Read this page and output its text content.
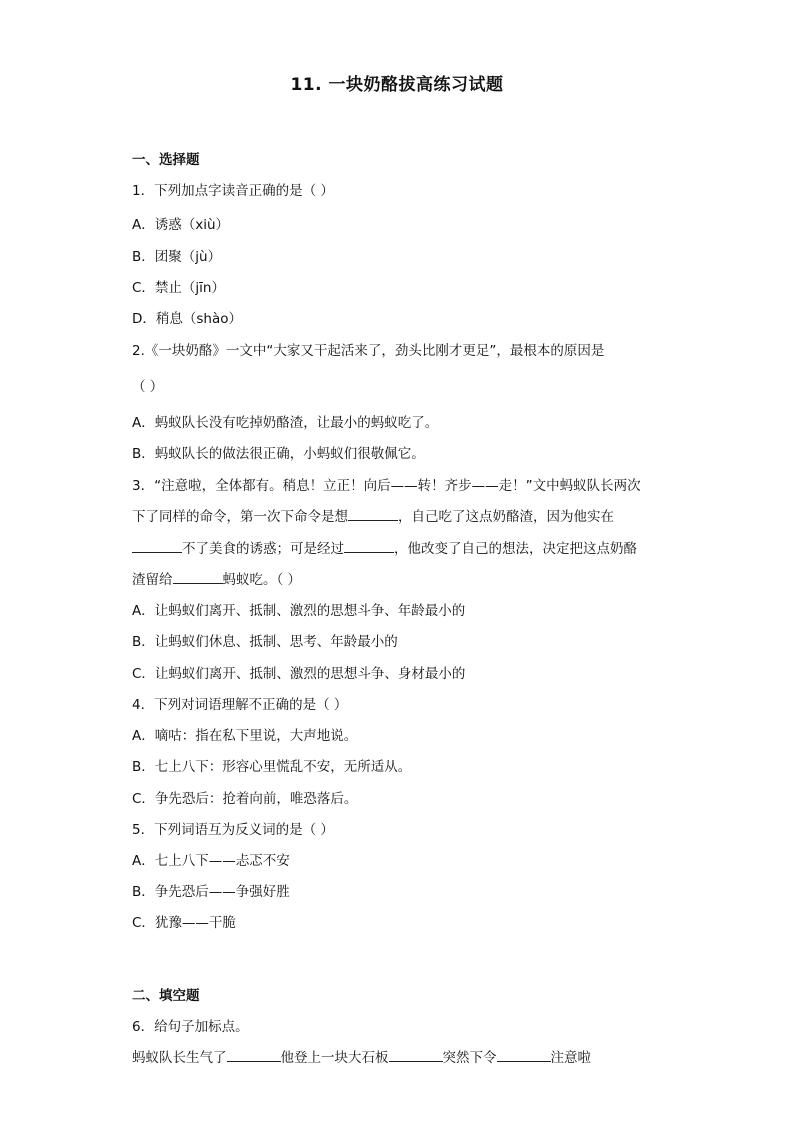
11. 一块奶酪拔高练习试题
一、选择题
1．下列加点字读音正确的是（ ）
A．诱惑（xiù）
B．团聚（jù）
C．禁止（jīn）
D．稍息（shào）
2.《一块奶酪》一文中“大家又干起活来了，劲头比刚才更足”，最根本的原因是
（ ）
A．蚂蚁队长没有吃掉奶酪渣，让最小的蚂蚁吃了。
B．蚂蚁队长的做法很正确，小蚂蚁们很敬佩它。
3．“注意啦，全体都有。稍息！立正！向后——转！齐步——走！”文中蚂蚁队长两次
下了同样的命令，第一次下命令是想	，自己吃了这点奶酪渣，因为他实在
不了美食的诱惑；可是经过	，他改变了自己的想法，决定把这点奶酪
渣留给	蚂蚁吃。（ ）
A．让蚂蚁们离开、抵制、激烈的思想斗争、年龄最小的
B．让蚂蚁们休息、抵制、思考、年龄最小的
C．让蚂蚁们离开、抵制、激烈的思想斗争、身材最小的
4．下列对词语理解不正确的是（ ）
A．嘀咕：指在私下里说，大声地说。
B．七上八下：形容心里慌乱不安，无所适从。
C．争先恐后：抢着向前，唯恐落后。
5．下列词语互为反义词的是（ ）
A．七上八下——忐忑不安
B．争先恐后——争强好胜
C．犹豫——干脆
二、填空题
6．给句子加标点。
蚂蚁队长生气了	他登上一块大石板	突然下令	注意啦
